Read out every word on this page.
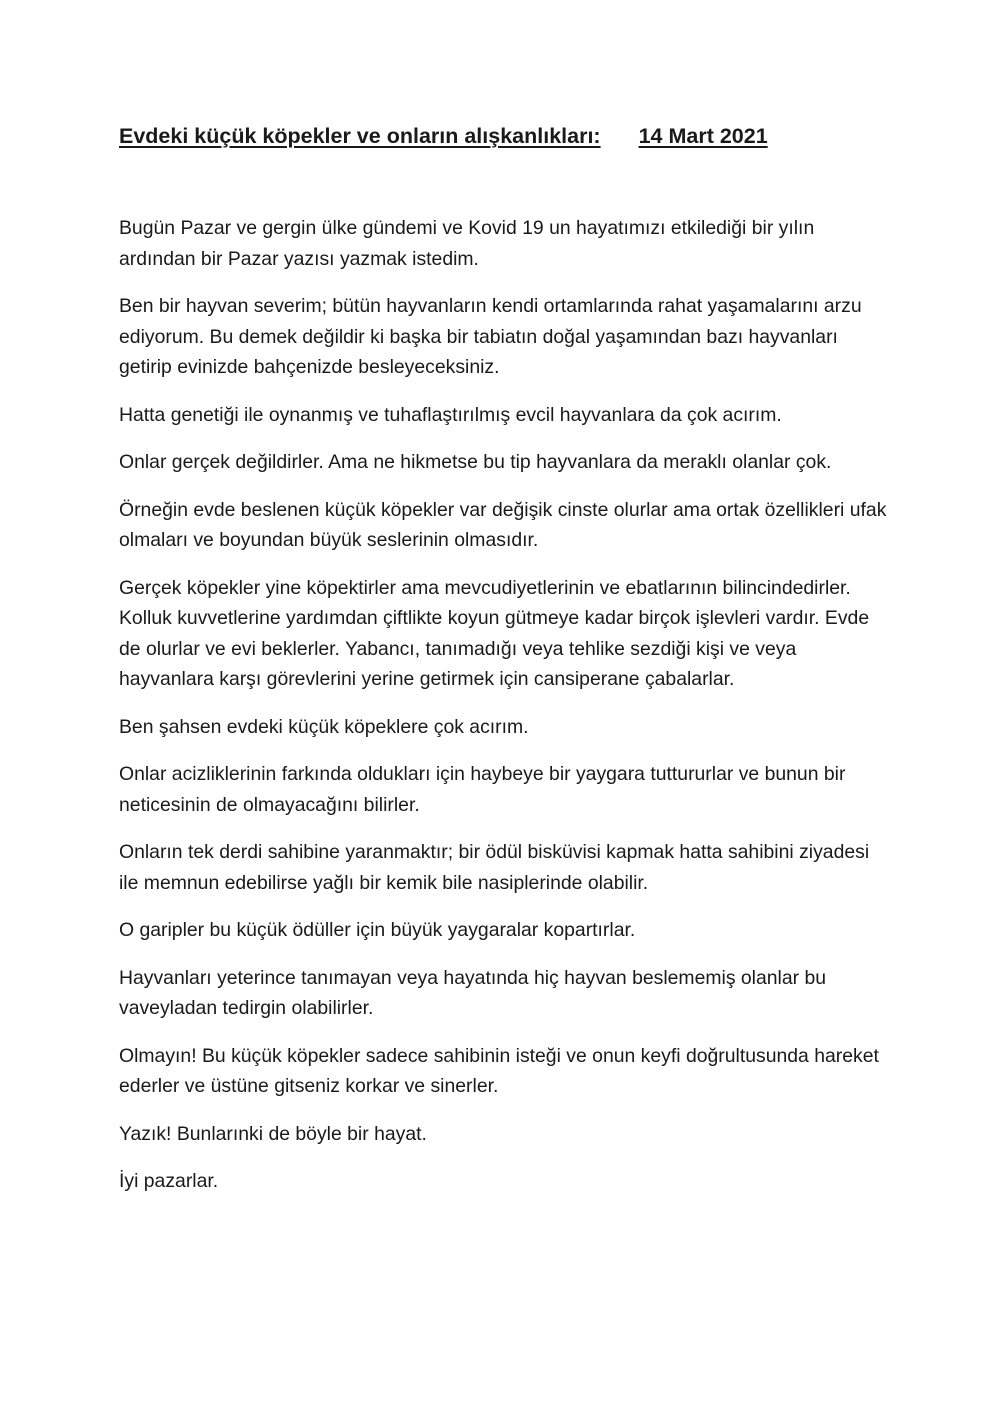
Evdeki küçük köpekler ve onların alışkanlıkları: 14 Mart 2021

Bugün Pazar ve gergin ülke gündemi ve Kovid 19 un hayatımızı etkilediği bir yılın ardından bir Pazar yazısı yazmak istedim.

Ben bir hayvan severim; bütün hayvanların kendi ortamlarında rahat yaşamalarını arzu ediyorum. Bu demek değildir ki başka bir tabiatın doğal yaşamından bazı hayvanları getirip evinizde bahçenizde besleyeceksiniz.

Hatta genetiği ile oynanmış ve tuhaflaştırılmış evcil hayvanlara da çok acırım.

Onlar gerçek değildirler. Ama ne hikmetse bu tip hayvanlara da meraklı olanlar çok.

Örneğin evde beslenen küçük köpekler var değişik cinste olurlar ama ortak özellikleri ufak olmaları ve boyundan büyük seslerinin olmasıdır.

Gerçek köpekler yine köpektirler ama mevcudiyetlerinin ve ebatlarının bilincindedirler. Kolluk kuvvetlerine yardımdan çiftlikte koyun gütmeye kadar birçok işlevleri vardır. Evde de olurlar ve evi beklerler. Yabancı, tanımadığı veya tehlike sezdiği kişi ve veya hayvanlara karşı görevlerini yerine getirmek için cansiperane çabalarlar.

Ben şahsen evdeki küçük köpeklere çok acırım.

Onlar acizliklerinin farkında oldukları için haybeye bir yaygara tuttururlar ve bunun bir neticesinin de olmayacağını bilirler.

Onların tek derdi sahibine yaranmaktır; bir ödül bisküvisi kapmak hatta sahibini ziyadesi ile memnun edebilirse yağlı bir kemik bile nasiplerinde olabilir.

O garipler bu küçük ödüller için büyük yaygaralar kopartırlar.

Hayvanları yeterince tanımayan veya hayatında hiç hayvan beslememiş olanlar bu vaveyladan tedirgin olabilirler.

Olmayın! Bu küçük köpekler sadece sahibinin isteği ve onun keyfi doğrultusunda hareket ederler ve üstüne gitseniz korkar ve sinerler.

Yazık! Bunlarınki de böyle bir hayat.

İyi pazarlar.
